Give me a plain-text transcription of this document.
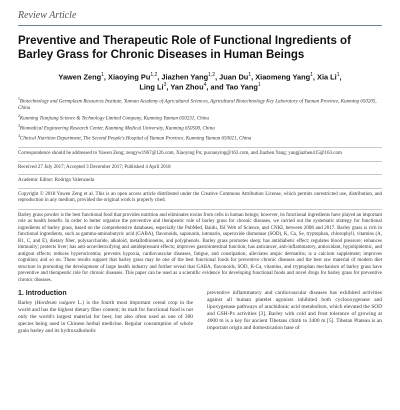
Review Article
Preventive and Therapeutic Role of Functional Ingredients of Barley Grass for Chronic Diseases in Human Beings
Yawen Zeng$^1$, Xiaoying Pu$^{1,2}$, Jiazhen Yang$^{1,2}$, Juan Du$^1$, Xiaomeng Yang$^1$, Xia Li$^1$,
Ling Li$^3$, Yan Zhou$^4$, and Tao Yang$^1$
$^1$Biotechnology and Germplasm Resources Institute, Yunnan Academy of Agricultural Sciences, Agricultural Biotechnology Key Laboratory of Yunnan Province, Kunming 650205, China
$^2$Kunming Tianjiang Science & Technology Limited Company, Kunming Yunnan 650231, China
$^3$Biomedical Engineering Research Center, Kunming Medical University, Kunming 650500, China
$^4$Clinical Nutrition Department, The Second People's Hospital of Yunnan Province, Kunming Yunnan 650021, China
Correspondence should be addressed to Yawen Zeng; zengyw1967@126.com, Xiaoying Pu; puxiaoying@163.com, and Jiazhen Yang; yangjiazhen415@163.com
Received 27 July 2017; Accepted 3 December 2017; Published 4 April 2018
Academic Editor: Rodrigo Valenzuela
Copyright © 2018 Yawen Zeng et al. This is an open access article distributed under the Creative Commons Attribution License, which permits unrestricted use, distribution, and reproduction in any medium, provided the original work is properly cited.
Barley grass powder is the best functional food that provides nutrition and eliminates toxins from cells in human beings; however, its functional ingredients have played an important role as health benefit. In order to better organize the preventive and therapeutic role of barley grass for chronic diseases, we carried out the systematic strategy for functional ingredients of barley grass, based on the comprehensive databases, especially the PubMed, Baidu, ISI Web of Science, and CNKI, between 2008 and 2017. Barley grass is rich in functional ingredients, such as gamma-aminobutyric acid (GABA), flavonoids, saponarin, lutonarin, superoxide dismutase (SOD), K, Ca, Se, tryptophan, chlorophyll, vitamins (A, B1, C, and E), dietary fiber, polysaccharide, alkaloid, metallothioneins, and polyphenols. Barley grass promotes sleep; has antidiabetic effect; regulates blood pressure; enhances immunity; protects liver; has anti-acne/detoxifying and antidepressant effects; improves gastrointestinal function; has anticancer, anti-inflammatory, antioxidant, hypolipidemic, and antigout effects; reduces hyperuricemia; prevents hypoxia, cardiovascular diseases, fatigue, and constipation; alleviates atopic dermatitis; is a calcium supplement; improves cognition; and so on. These results support that barley grass may be one of the best functional foods for preventive chronic diseases and the best raw material of modern diet structure in promoting the development of large health industry and further reveal that GABA, flavonoids, SOD, K-Ca, vitamins, and tryptophan mechanism of barley grass have preventive and therapeutic role for chronic diseases. This paper can be used as a scientific evidence for developing functional foods and novel drugs for barley grass for preventive chronic diseases.
1. Introduction
Barley (Hordeum vulgare L.) is the fourth most important cereal crop in the world and has the highest dietary fiber content; its malt for functional food is not only the world's largest material for beer, but also often used as one of 300 species being used in Chinese herbal medicine. Regular consumption of whole grain barley and its hydroxalkoholic
preventive inflammatory and cardiovascular diseases has exhibited activities against all human platelet agonists inhibited both cyclooxygenase and lipoxygenase pathways of arachidonic acid metabolism, which elevated the SOD and GSH-Px activities [3]. Barley with cold and frost tolerance of growing at 4000 m is a key for ancient Tibetans climb to 3400 m [5]. Tibetan Plateau is an important origin and domestication base of
